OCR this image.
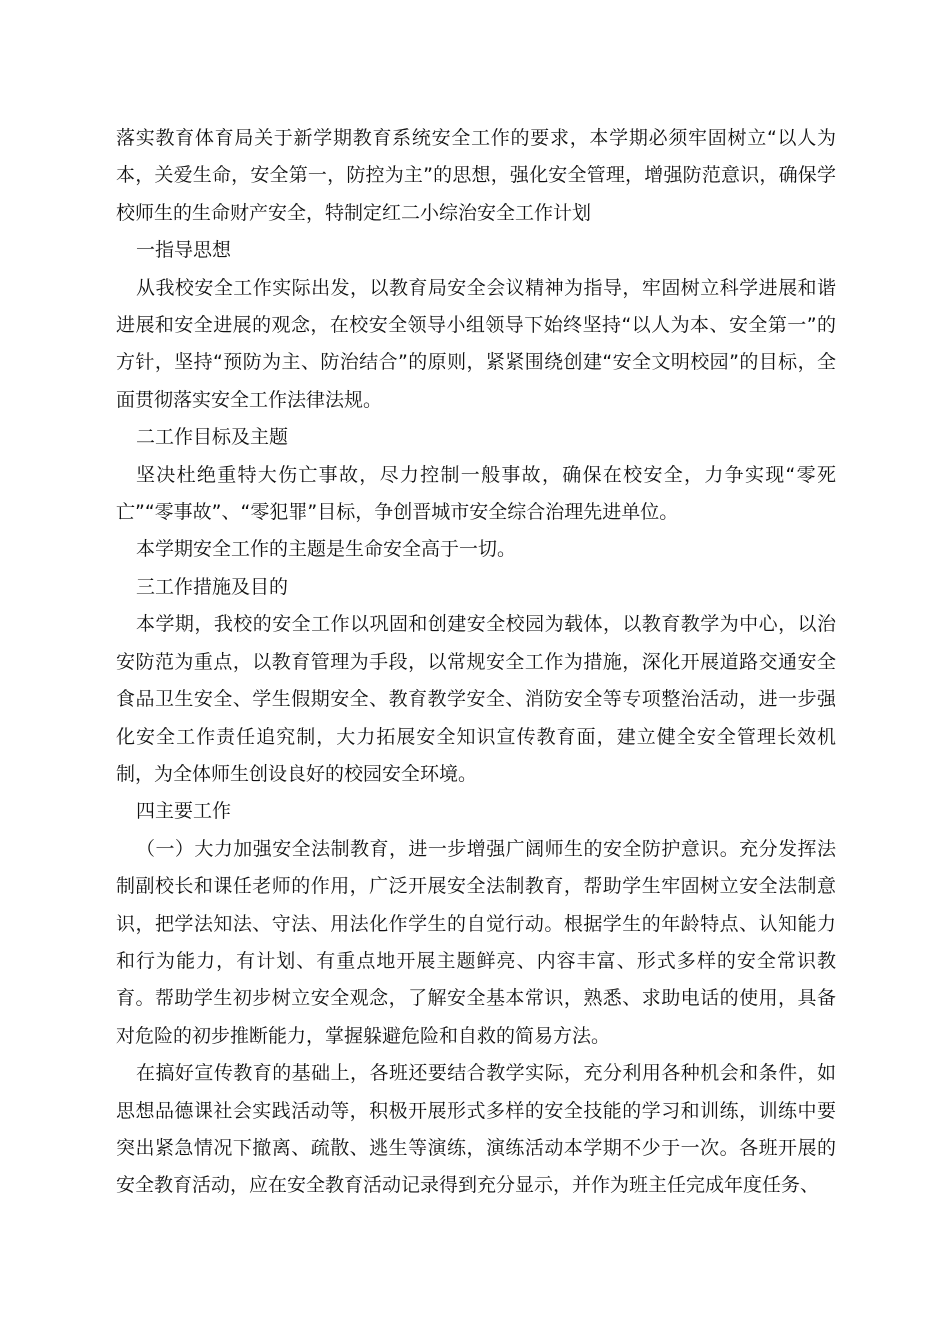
落实教育体育局关于新学期教育系统安全工作的要求，本学期必须牢固树立“以人为本，关爱生命，安全第一，防控为主”的思想，强化安全管理，增强防范意识，确保学校师生的生命财产安全，特制定红二小综治安全工作计划

一指导思想

从我校安全工作实际出发，以教育局安全会议精神为指导，牢固树立科学进展和谐进展和安全进展的观念，在校安全领导小组领导下始终坚持“以人为本、安全第一”的方针，坚持“预防为主、防治结合”的原则，紧紧围绕创建“安全文明校园”的目标，全面贯彻落实安全工作法律法规。

二工作目标及主题

坚决杜绝重特大伤亡事故，尽力控制一般事故，确保在校安全，力争实现“零死亡”“零事故”、“零犯罪”目标，争创晋城市安全综合治理先进单位。

本学期安全工作的主题是生命安全高于一切。

三工作措施及目的

本学期，我校的安全工作以巩固和创建安全校园为载体，以教育教学为中心，以治安防范为重点，以教育管理为手段，以常规安全工作为措施，深化开展道路交通安全食品卫生安全、学生假期安全、教育教学安全、消防安全等专项整治活动，进一步强化安全工作责任追究制，大力拓展安全知识宣传教育面，建立健全安全管理长效机制，为全体师生创设良好的校园安全环境。

四主要工作

（一）大力加强安全法制教育，进一步增强广阔师生的安全防护意识。充分发挥法制副校长和课任老师的作用，广泛开展安全法制教育，帮助学生牢固树立安全法制意识，把学法知法、守法、用法化作学生的自觉行动。根据学生的年龄特点、认知能力和行为能力，有计划、有重点地开展主题鲜亮、内容丰富、形式多样的安全常识教育。帮助学生初步树立安全观念，了解安全基本常识，熟悉、求助电话的使用，具备对危险的初步推断能力，掌握躲避危险和自救的简易方法。

在搞好宣传教育的基础上，各班还要结合教学实际，充分利用各种机会和条件，如思想品德课社会实践活动等，积极开展形式多样的安全技能的学习和训练，训练中要突出紧急情况下撤离、疏散、逃生等演练，演练活动本学期不少于一次。各班开展的安全教育活动，应在安全教育活动记录得到充分显示，并作为班主任完成年度任务、
